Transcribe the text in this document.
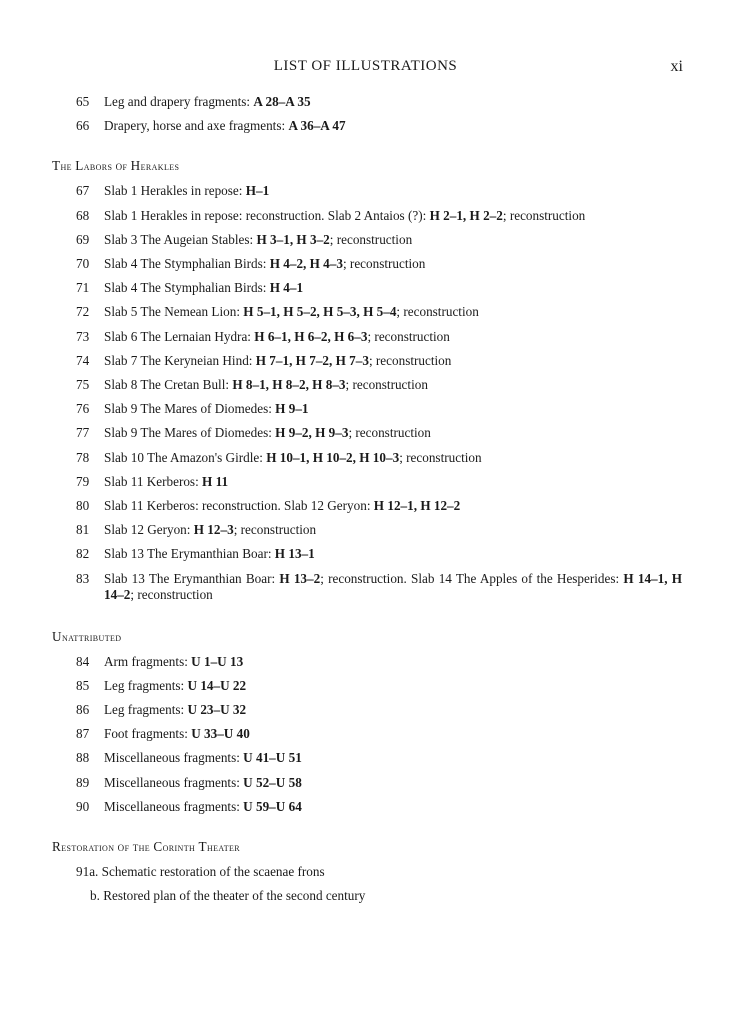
LIST OF ILLUSTRATIONS	xi
65 Leg and drapery fragments: A 28–A 35
66 Drapery, horse and axe fragments: A 36–A 47
The Labors of Herakles
67 Slab 1 Herakles in repose: H–1
68 Slab 1 Herakles in repose: reconstruction. Slab 2 Antaios (?): H 2–1, H 2–2; reconstruction
69 Slab 3 The Augeian Stables: H 3–1, H 3–2; reconstruction
70 Slab 4 The Stymphalian Birds: H 4–2, H 4–3; reconstruction
71 Slab 4 The Stymphalian Birds: H 4–1
72 Slab 5 The Nemean Lion: H 5–1, H 5–2, H 5–3, H 5–4; reconstruction
73 Slab 6 The Lernaian Hydra: H 6–1, H 6–2, H 6–3; reconstruction
74 Slab 7 The Keryneian Hind: H 7–1, H 7–2, H 7–3; reconstruction
75 Slab 8 The Cretan Bull: H 8–1, H 8–2, H 8–3; reconstruction
76 Slab 9 The Mares of Diomedes: H 9–1
77 Slab 9 The Mares of Diomedes: H 9–2, H 9–3; reconstruction
78 Slab 10 The Amazon's Girdle: H 10–1, H 10–2, H 10–3; reconstruction
79 Slab 11 Kerberos: H 11
80 Slab 11 Kerberos: reconstruction. Slab 12 Geryon: H 12–1, H 12–2
81 Slab 12 Geryon: H 12–3; reconstruction
82 Slab 13 The Erymanthian Boar: H 13–1
83 Slab 13 The Erymanthian Boar: H 13–2; reconstruction. Slab 14 The Apples of the Hesperides: H 14–1, H 14–2; reconstruction
Unattributed
84 Arm fragments: U 1–U 13
85 Leg fragments: U 14–U 22
86 Leg fragments: U 23–U 32
87 Foot fragments: U 33–U 40
88 Miscellaneous fragments: U 41–U 51
89 Miscellaneous fragments: U 52–U 58
90 Miscellaneous fragments: U 59–U 64
Restoration of the Corinth Theater
91a. Schematic restoration of the scaenae frons
b. Restored plan of the theater of the second century
